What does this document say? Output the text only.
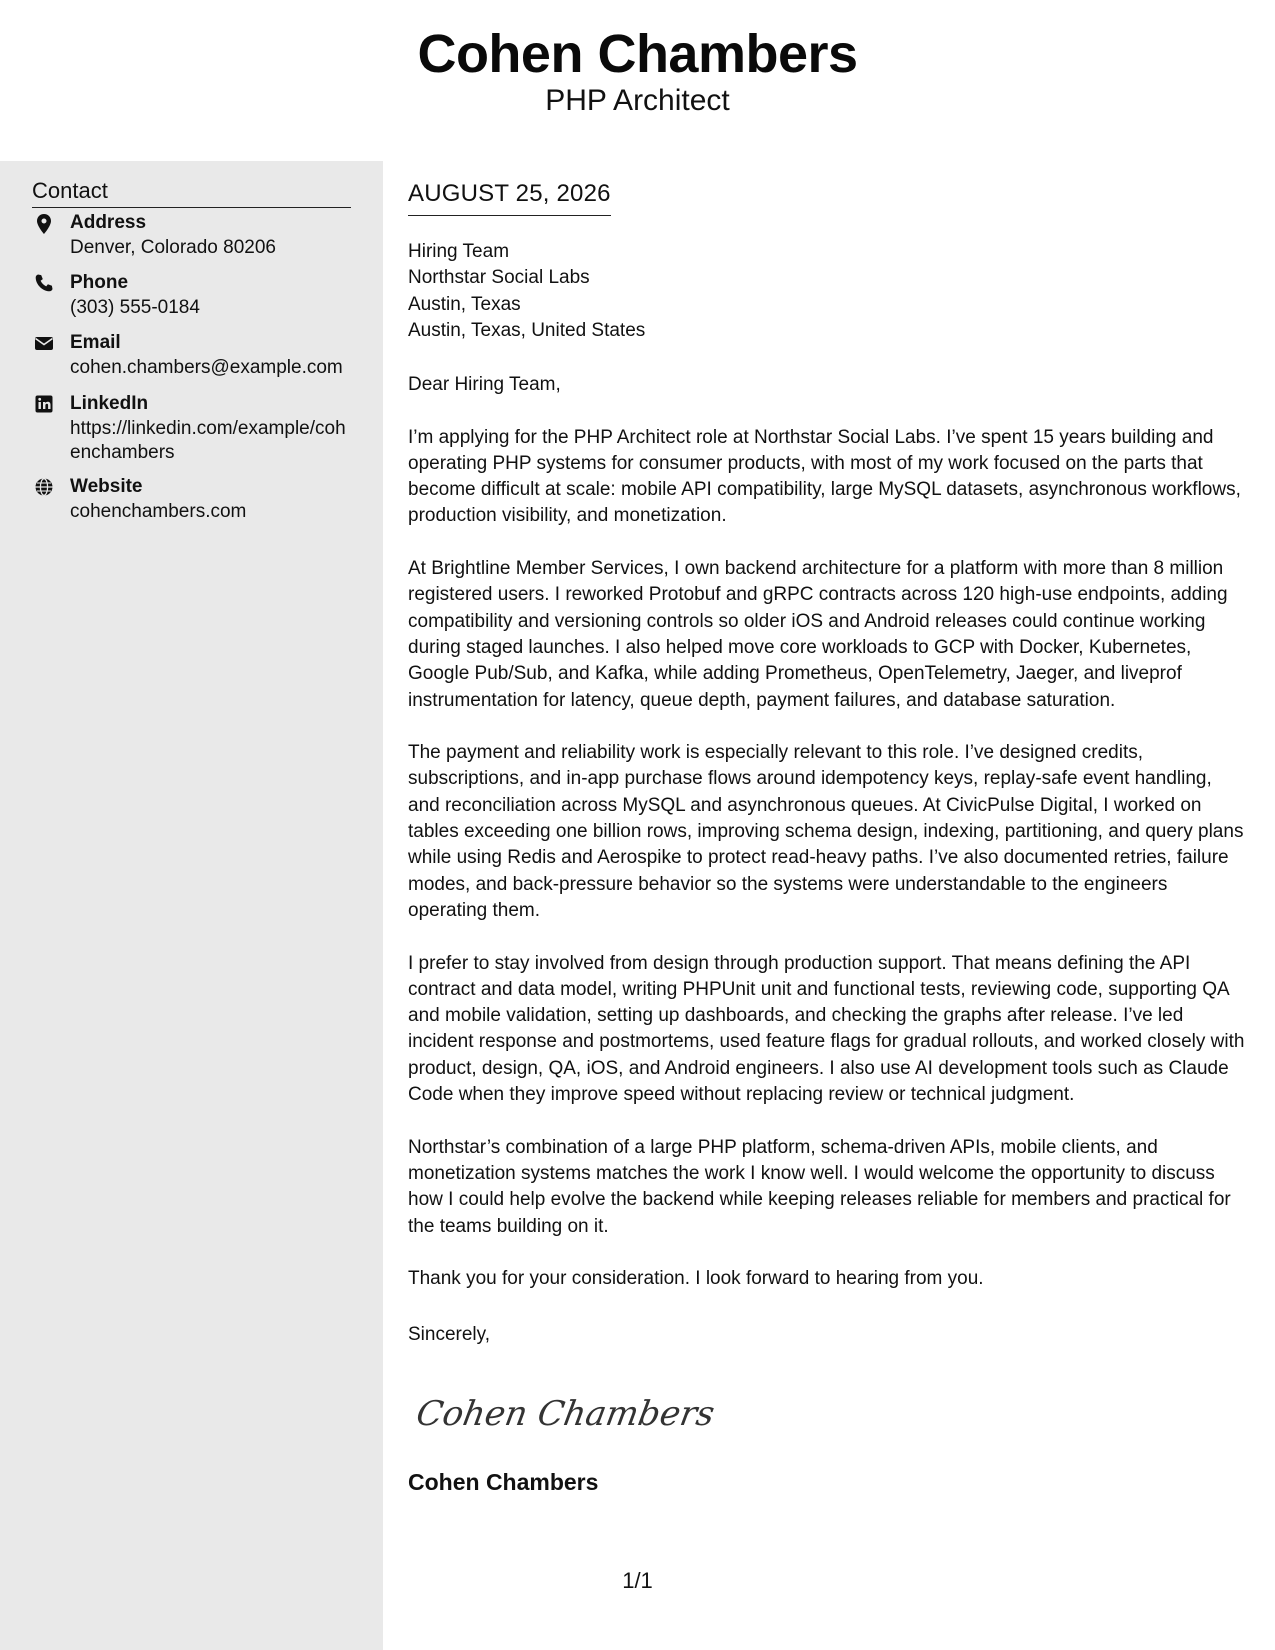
Cohen Chambers
PHP Architect
Contact
Address
Denver, Colorado 80206
Phone
(303) 555-0184
Email
cohen.chambers@example.com
LinkedIn
https://linkedin.com/example/cohenchambers
Website
cohenchambers.com
AUGUST 25, 2026
Hiring Team
Northstar Social Labs
Austin, Texas
Austin, Texas, United States

Dear Hiring Team,

I’m applying for the PHP Architect role at Northstar Social Labs. I’ve spent 15 years building and operating PHP systems for consumer products, with most of my work focused on the parts that become difficult at scale: mobile API compatibility, large MySQL datasets, asynchronous workflows, production visibility, and monetization.

At Brightline Member Services, I own backend architecture for a platform with more than 8 million registered users. I reworked Protobuf and gRPC contracts across 120 high-use endpoints, adding compatibility and versioning controls so older iOS and Android releases could continue working during staged launches. I also helped move core workloads to GCP with Docker, Kubernetes, Google Pub/Sub, and Kafka, while adding Prometheus, OpenTelemetry, Jaeger, and liveprof instrumentation for latency, queue depth, payment failures, and database saturation.

The payment and reliability work is especially relevant to this role. I’ve designed credits, subscriptions, and in-app purchase flows around idempotency keys, replay-safe event handling, and reconciliation across MySQL and asynchronous queues. At CivicPulse Digital, I worked on tables exceeding one billion rows, improving schema design, indexing, partitioning, and query plans while using Redis and Aerospike to protect read-heavy paths. I’ve also documented retries, failure modes, and back-pressure behavior so the systems were understandable to the engineers operating them.

I prefer to stay involved from design through production support. That means defining the API contract and data model, writing PHPUnit unit and functional tests, reviewing code, supporting QA and mobile validation, setting up dashboards, and checking the graphs after release. I’ve led incident response and postmortems, used feature flags for gradual rollouts, and worked closely with product, design, QA, iOS, and Android engineers. I also use AI development tools such as Claude Code when they improve speed without replacing review or technical judgment.

Northstar’s combination of a large PHP platform, schema-driven APIs, mobile clients, and monetization systems matches the work I know well. I would welcome the opportunity to discuss how I could help evolve the backend while keeping releases reliable for members and practical for the teams building on it.

Thank you for your consideration. I look forward to hearing from you.

Sincerely,
Cohen Chambers
Cohen Chambers
1/1
